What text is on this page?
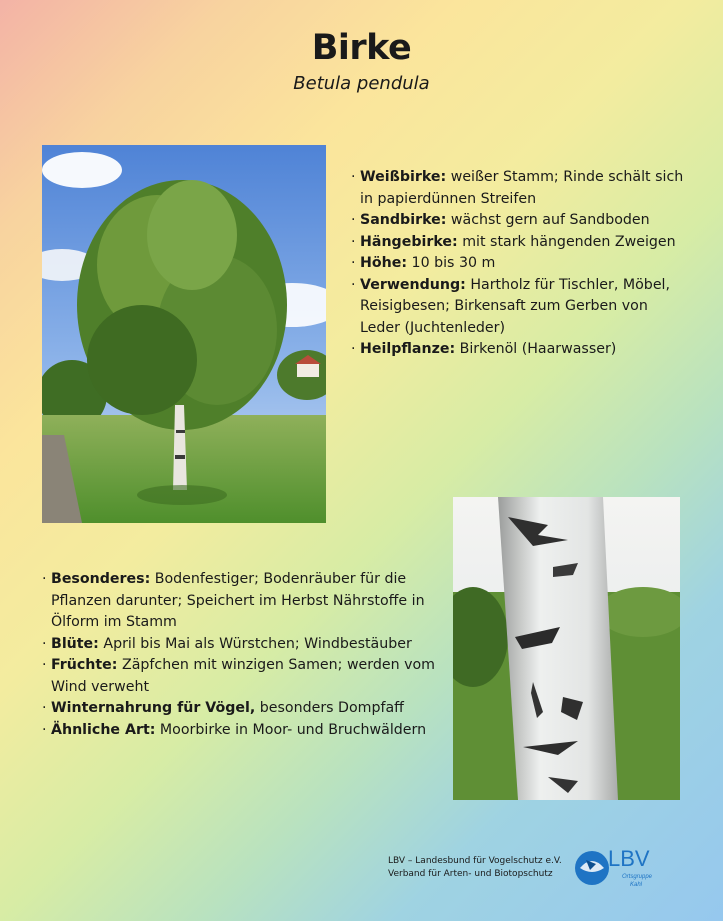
Birke
Betula pendula
· Weißbirke: weißer Stamm; Rinde schält sich in papierdünnen Streifen
· Sandbirke: wächst gern auf Sandboden
· Hängebirke: mit stark hängenden Zweigen
· Höhe: 10 bis 30 m
· Verwendung: Hartholz für Tischler, Möbel, Reisigbesen; Birkensaft zum Gerben von Leder (Juchtenleder)
· Heilpflanze: Birkenöl (Haarwasser)
· Besonderes: Bodenfestiger; Bodenräuber für die Pflanzen darunter; Speichert im Herbst Nährstoffe in Ölform im Stamm
· Blüte: April bis Mai als Würstchen; Windbestäuber
· Früchte: Zäpfchen mit winzigen Samen; werden vom Wind verweht
· Winternahrung für Vögel, besonders Dompfaff
· Ähnliche Art: Moorbirke in Moor- und Bruchwäldern
LBV – Landesbund für Vogelschutz e.V.
Verband für Arten- und Biotopschutz
LBV
Ortsgruppe
Kahl
